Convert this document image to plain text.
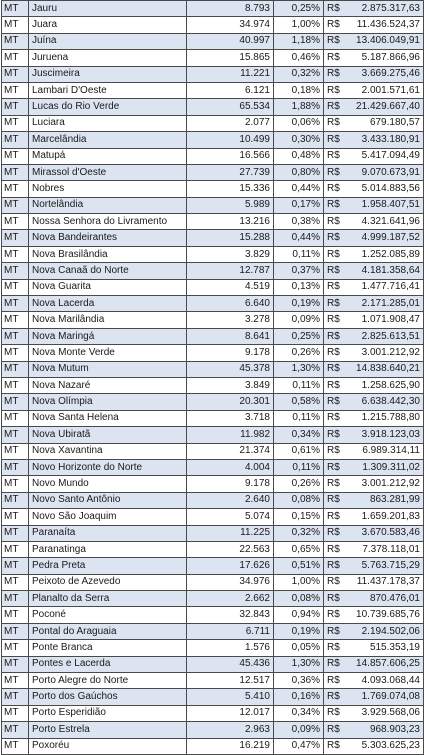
MT	Jauru	8.793	0,25%	R$	2.875.317,63
MT	Juara	34.974	1,00%	R$	11.436.524,37
MT	Juína	40.997	1,18%	R$	13.406.049,91
MT	Juruena	15.865	0,46%	R$	5.187.866,96
MT	Juscimeira	11.221	0,32%	R$	3.669.275,46
MT	Lambari D'Oeste	6.121	0,18%	R$	2.001.571,61
MT	Lucas do Rio Verde	65.534	1,88%	R$	21.429.667,40
MT	Luciara	2.077	0,06%	R$	679.180,57
MT	Marcelândia	10.499	0,30%	R$	3.433.180,91
MT	Matupá	16.566	0,48%	R$	5.417.094,49
MT	Mirassol d'Oeste	27.739	0,80%	R$	9.070.673,91
MT	Nobres	15.336	0,44%	R$	5.014.883,56
MT	Nortelândia	5.989	0,17%	R$	1.958.407,51
MT	Nossa Senhora do Livramento	13.216	0,38%	R$	4.321.641,96
MT	Nova Bandeirantes	15.288	0,44%	R$	4.999.187,52
MT	Nova Brasilândia	3.829	0,11%	R$	1.252.085,89
MT	Nova Canaã do Norte	12.787	0,37%	R$	4.181.358,64
MT	Nova Guarita	4.519	0,13%	R$	1.477.716,41
MT	Nova Lacerda	6.640	0,19%	R$	2.171.285,01
MT	Nova Marilândia	3.278	0,09%	R$	1.071.908,47
MT	Nova Maringá	8.641	0,25%	R$	2.825.613,51
MT	Nova Monte Verde	9.178	0,26%	R$	3.001.212,92
MT	Nova Mutum	45.378	1,30%	R$	14.838.640,21
MT	Nova Nazaré	3.849	0,11%	R$	1.258.625,90
MT	Nova Olímpia	20.301	0,58%	R$	6.638.442,30
MT	Nova Santa Helena	3.718	0,11%	R$	1.215.788,80
MT	Nova Ubiratã	11.982	0,34%	R$	3.918.123,03
MT	Nova Xavantina	21.374	0,61%	R$	6.989.314,11
MT	Novo Horizonte do Norte	4.004	0,11%	R$	1.309.311,02
MT	Novo Mundo	9.178	0,26%	R$	3.001.212,92
MT	Novo Santo Antônio	2.640	0,08%	R$	863.281,99
MT	Novo São Joaquim	5.074	0,15%	R$	1.659.201,83
MT	Paranaíta	11.225	0,32%	R$	3.670.583,46
MT	Paranatinga	22.563	0,65%	R$	7.378.118,01
MT	Pedra Preta	17.626	0,51%	R$	5.763.715,29
MT	Peixoto de Azevedo	34.976	1,00%	R$	11.437.178,37
MT	Planalto da Serra	2.662	0,08%	R$	870.476,01
MT	Poconé	32.843	0,94%	R$	10.739.685,76
MT	Pontal do Araguaia	6.711	0,19%	R$	2.194.502,06
MT	Ponte Branca	1.576	0,05%	R$	515.353,19
MT	Pontes e Lacerda	45.436	1,30%	R$	14.857.606,25
MT	Porto Alegre do Norte	12.517	0,36%	R$	4.093.068,44
MT	Porto dos Gaúchos	5.410	0,16%	R$	1.769.074,08
MT	Porto Esperidião	12.017	0,34%	R$	3.929.568,06
MT	Porto Estrela	2.963	0,09%	R$	968.903,23
MT	Poxoréu	16.219	0,47%	R$	5.303.625,23
